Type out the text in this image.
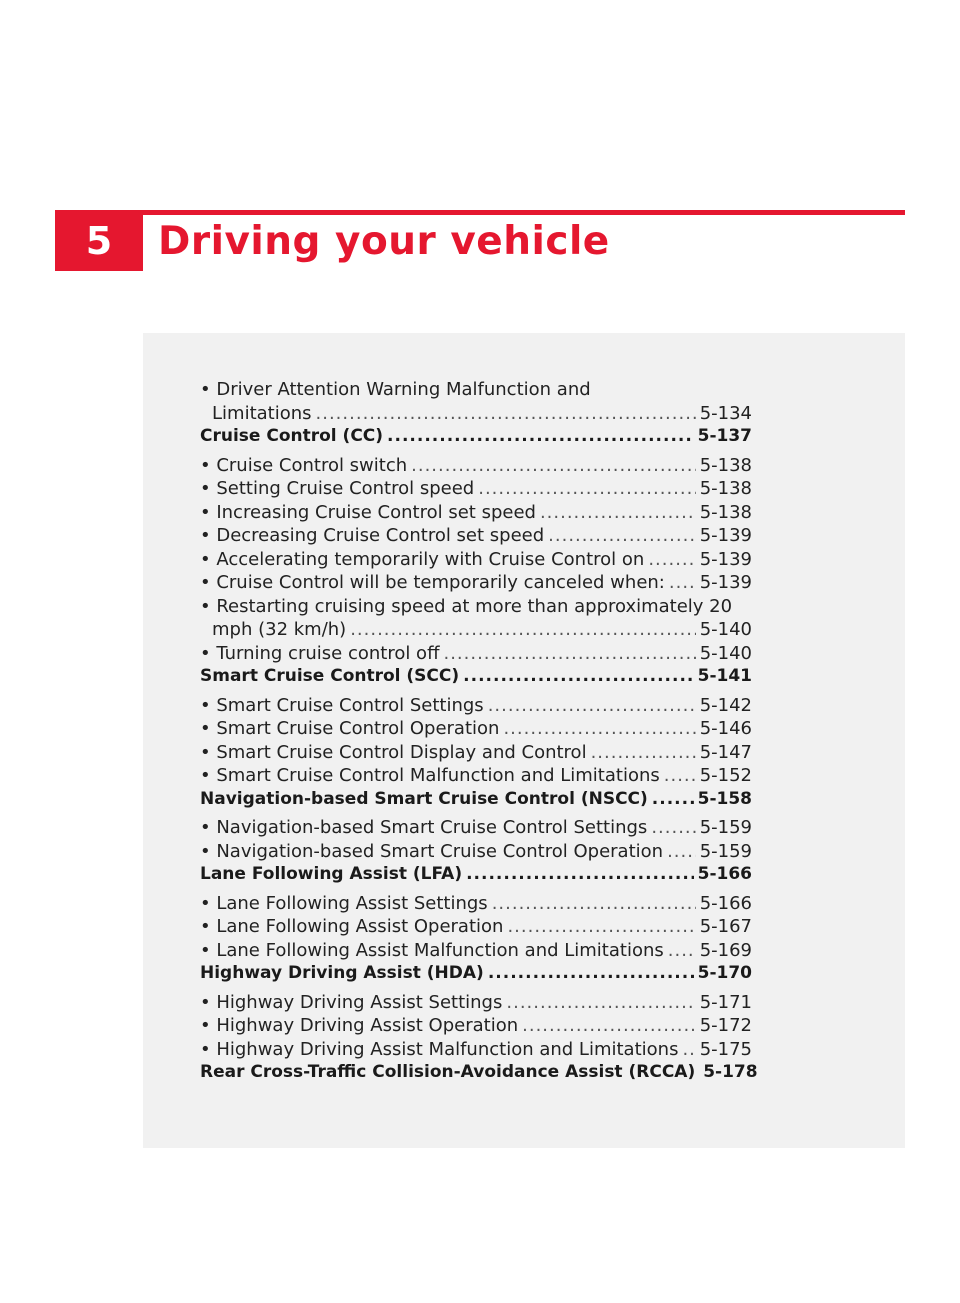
5	Driving your vehicle
• Driver Attention Warning Malfunction and
Limitations .....	5-134
Cruise Control (CC) .....	5-137
• Cruise Control switch .....	5-138
• Setting Cruise Control speed .....	5-138
• Increasing Cruise Control set speed .....	5-138
• Decreasing Cruise Control set speed .....	5-139
• Accelerating temporarily with Cruise Control on .....	5-139
• Cruise Control will be temporarily canceled when: ..... 5-139
• Restarting cruising speed at more than approximately 20
mph (32 km/h) .....	5-140
• Turning cruise control off .....	5-140
Smart Cruise Control (SCC) .....	5-141
• Smart Cruise Control Settings .....	5-142
• Smart Cruise Control Operation .....	5-146
• Smart Cruise Control Display and Control .....	5-147
• Smart Cruise Control Malfunction and Limitations ..... 5-152
Navigation-based Smart Cruise Control (NSCC) .....	5-158
• Navigation-based Smart Cruise Control Settings .....	5-159
• Navigation-based Smart Cruise Control Operation ..... 5-159
Lane Following Assist (LFA) .....	5-166
• Lane Following Assist Settings .....	5-166
• Lane Following Assist Operation .....	5-167
• Lane Following Assist Malfunction and Limitations ..... 5-169
Highway Driving Assist (HDA) .....	5-170
• Highway Driving Assist Settings .....	5-171
• Highway Driving Assist Operation .....	5-172
• Highway Driving Assist Malfunction and Limitations ..... 5-175
Rear Cross-Traffic Collision-Avoidance Assist (RCCA) 5-178
